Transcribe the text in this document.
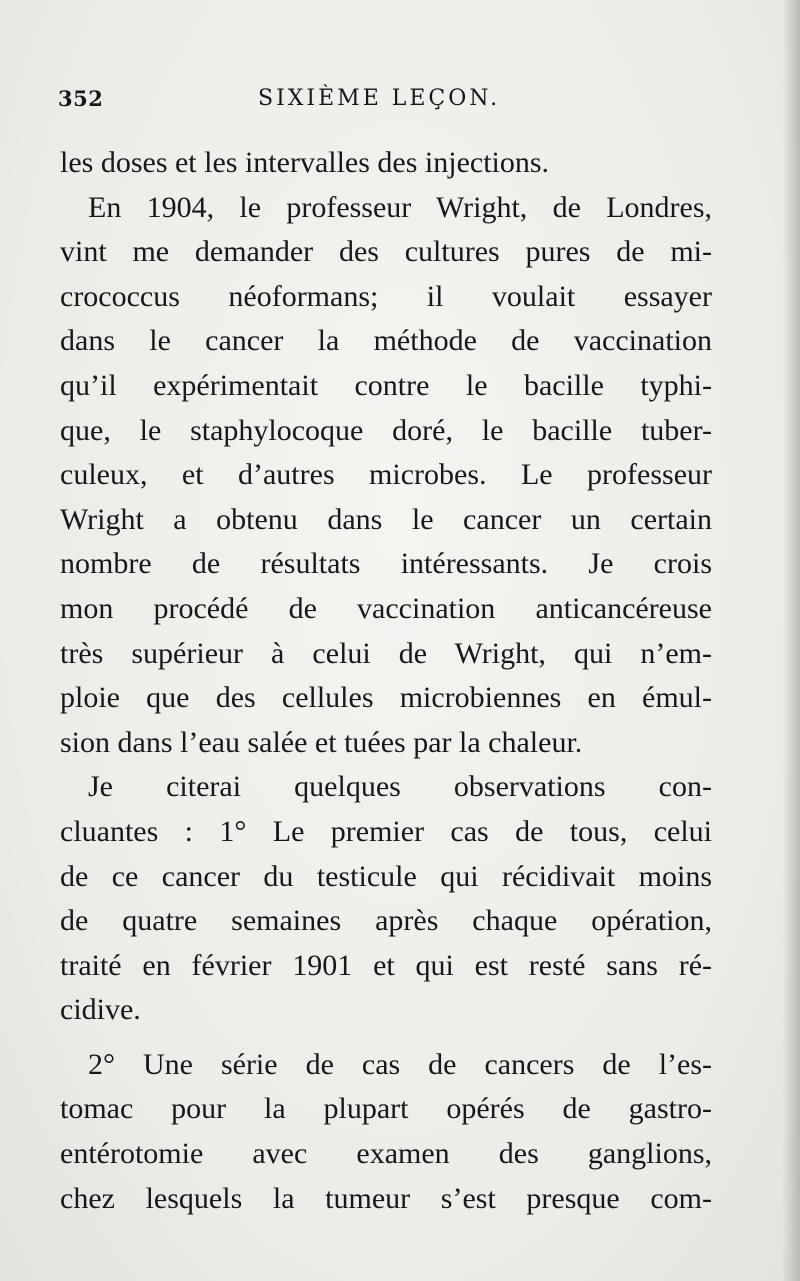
352	SIXIÈME LEÇON.
les doses et les intervalles des injections.
En 1904, le professeur Wright, de Londres,
vint me demander des cultures pures de mi-
crococcus néoformans; il voulait essayer
dans le cancer la méthode de vaccination
qu’il expérimentait contre le bacille typhi-
que, le staphylocoque doré, le bacille tuber-
culeux, et d’autres microbes. Le professeur
Wright a obtenu dans le cancer un certain
nombre de résultats intéressants. Je crois
mon procédé de vaccination anticancéreuse
très supérieur à celui de Wright, qui n’em-
ploie que des cellules microbiennes en émul-
sion dans l’eau salée et tuées par la chaleur.
Je citerai quelques observations con-
cluantes : 1° Le premier cas de tous, celui
de ce cancer du testicule qui récidivait moins
de quatre semaines après chaque opération,
traité en février 1901 et qui est resté sans ré-
cidive.
2° Une série de cas de cancers de l’es-
tomac pour la plupart opérés de gastro-
entérotomie avec examen des ganglions,
chez lesquels la tumeur s’est presque com-
